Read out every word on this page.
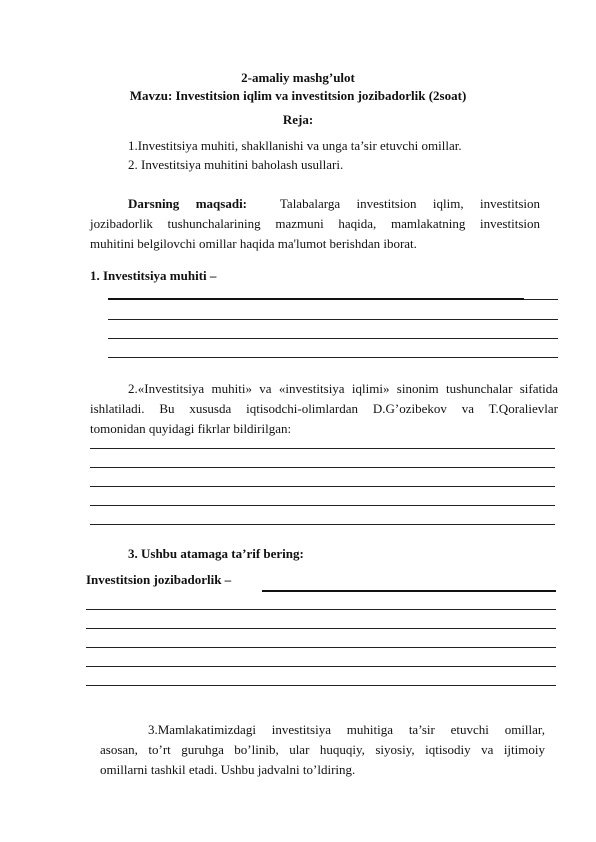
2-amaliy mashg’ulot
Mavzu: Investitsion iqlim va investitsion jozibadorlik (2soat)
Reja:
1.Investitsiya muhiti, shakllanishi va unga ta’sir etuvchi omillar.
2. Investitsiya muhitini baholash usullari.
Darsning maqsadi:	Talabalarga investitsion iqlim, investitsion
jozibadorlik tushunchalarining mazmuni haqida, mamlakatning investitsion
muhitini belgilovchi omillar haqida ma'lumot berishdan iborat.
1. Investitsiya muhiti –
2.«Investitsiya muhiti» va «investitsiya iqlimi» sinonim tushunchalar sifatida
ishlatiladi. Bu xususda iqtisodchi-olimlardan D.G’ozibekov va T.Qoralievlar
tomonidan quyidagi fikrlar bildirilgan:
3. Ushbu atamaga ta’rif bering:
Investitsion jozibadorlik –
3.Mamlakatimizdagi investitsiya muhitiga ta’sir etuvchi omillar,
asosan, to’rt guruhga bo’linib, ular huquqiy, siyosiy, iqtisodiy va ijtimoiy
omillarni tashkil etadi. Ushbu jadvalni to’ldiring.
